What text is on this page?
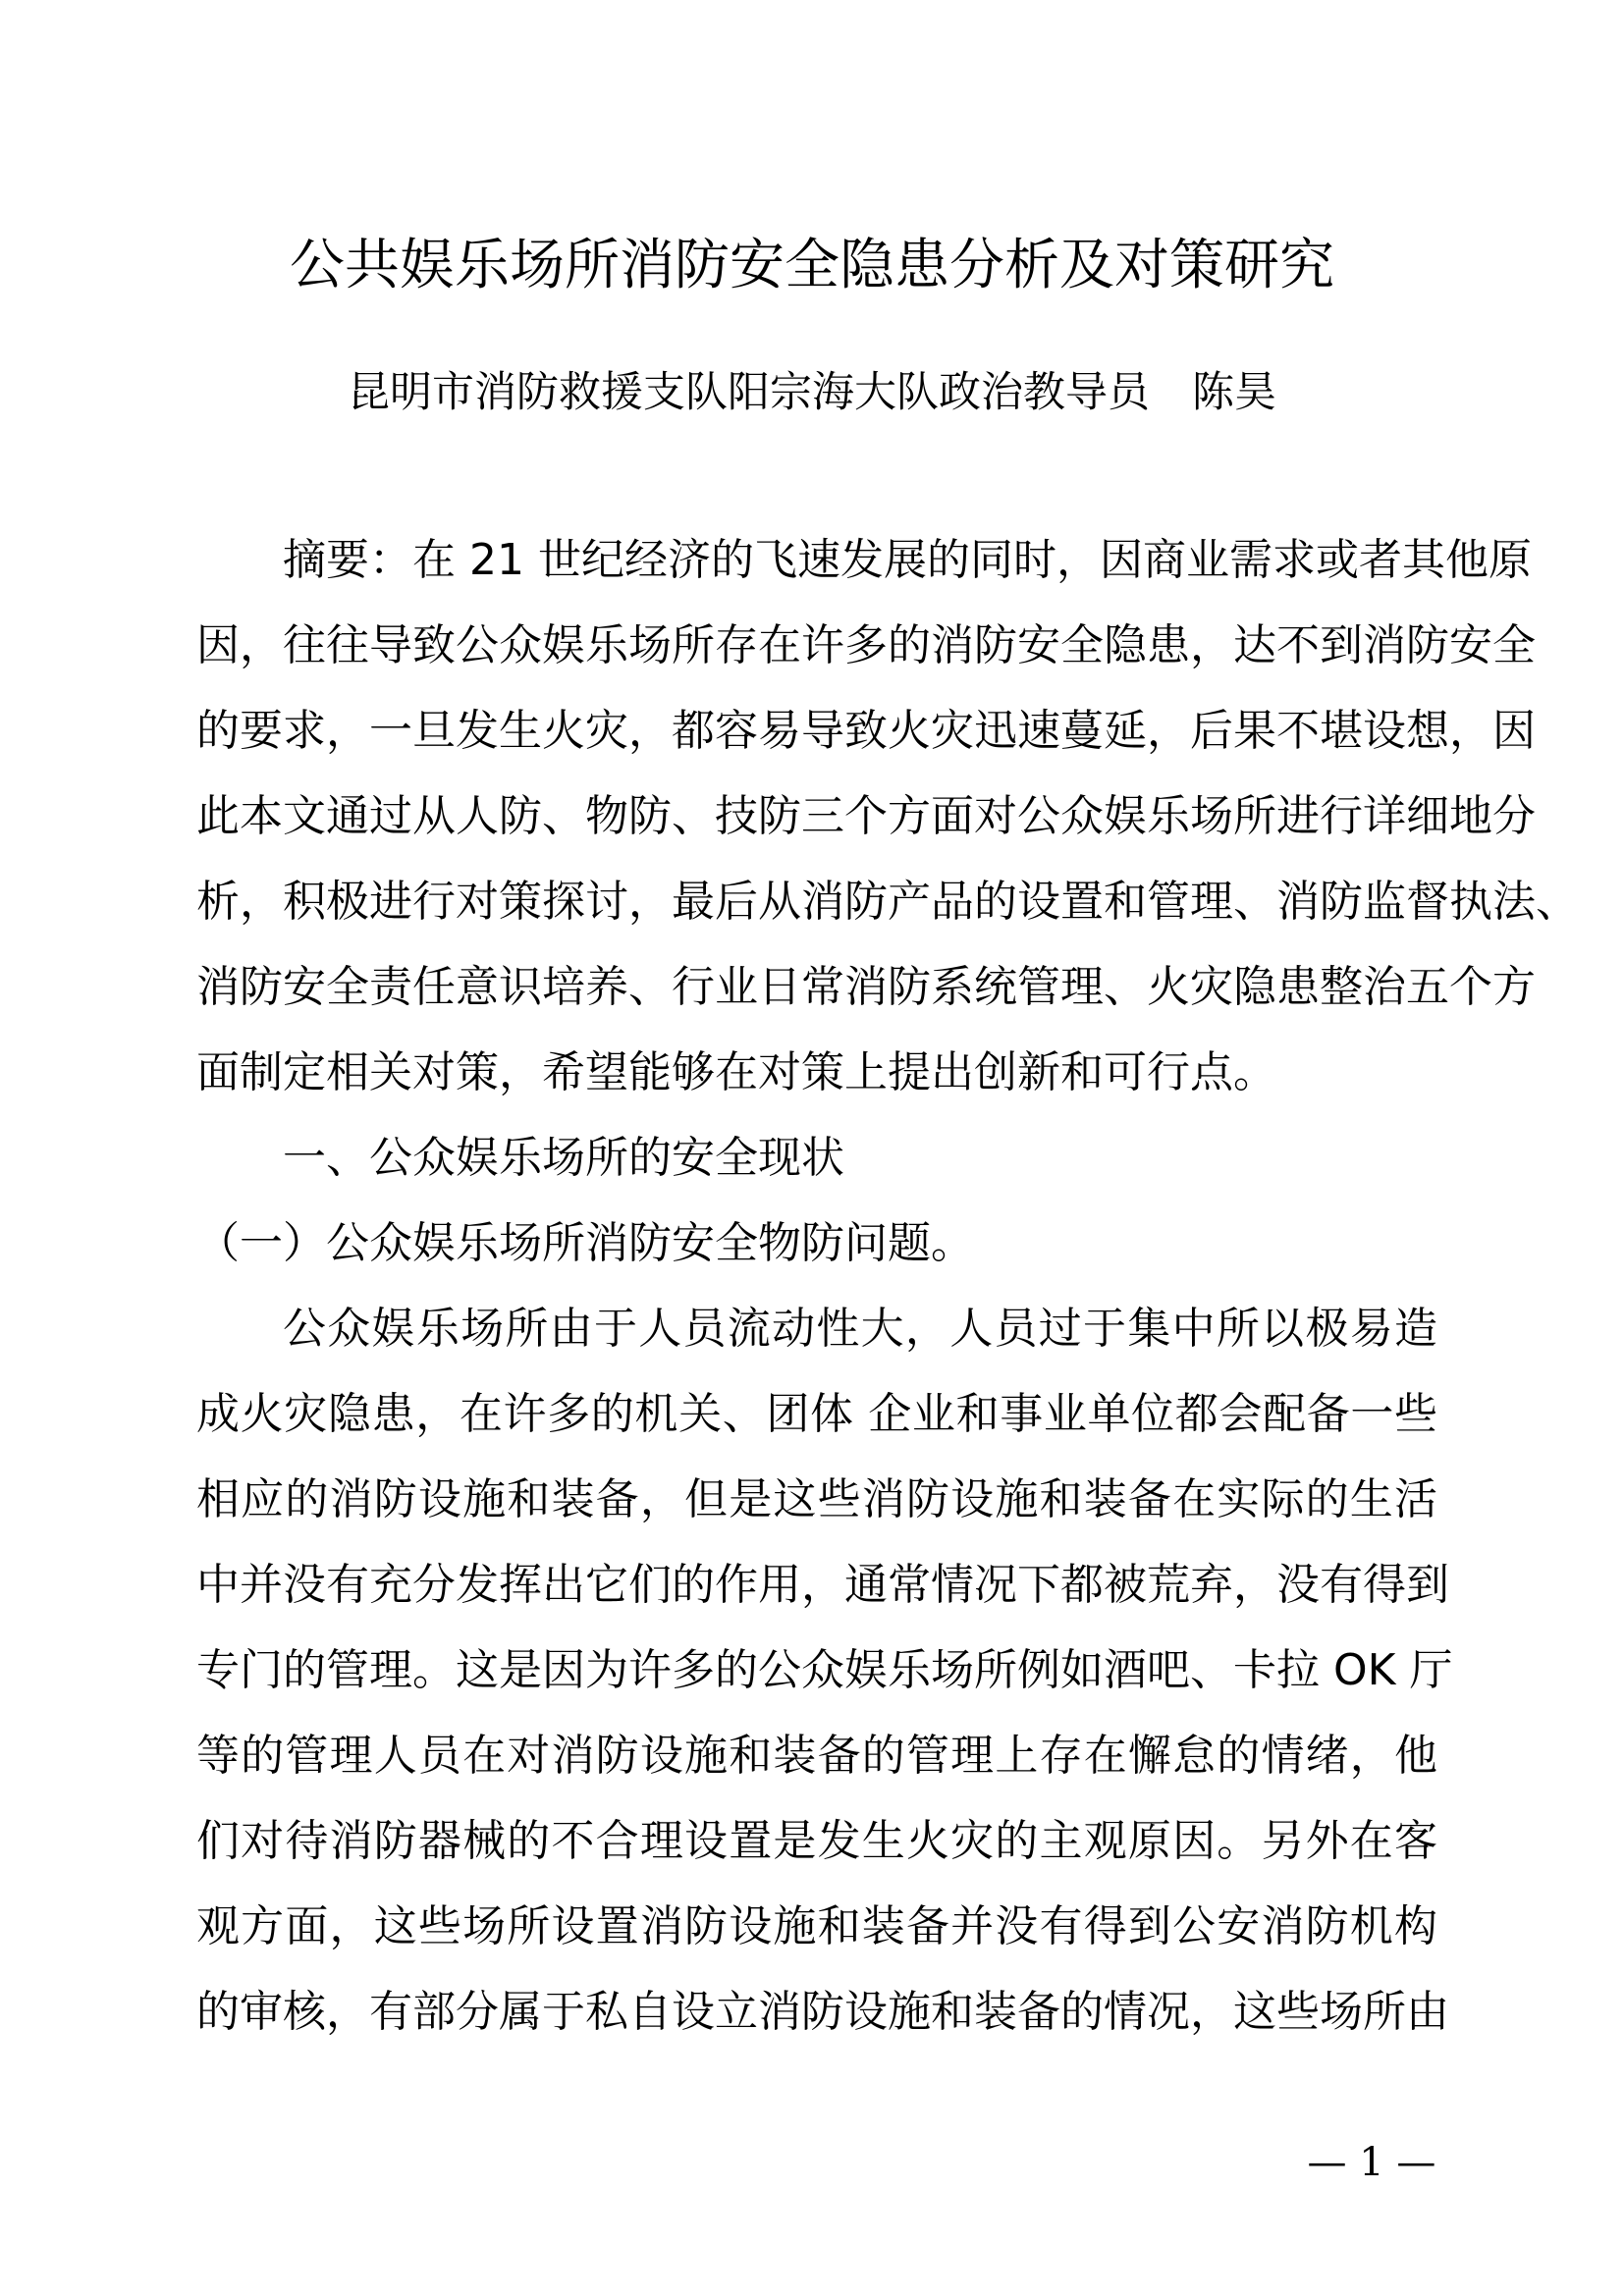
公共娱乐场所消防安全隐患分析及对策研究
昆明市消防救援支队阳宗海大队政治教导员　陈昊
摘要：在 21 世纪经济的飞速发展的同时，因商业需求或者其他原
因，往往导致公众娱乐场所存在许多的消防安全隐患，达不到消防安全
的要求，一旦发生火灾，都容易导致火灾迅速蔓延，后果不堪设想，因
此本文通过从人防、物防、技防三个方面对公众娱乐场所进行详细地分
析，积极进行对策探讨，最后从消防产品的设置和管理、消防监督执法、
消防安全责任意识培养、行业日常消防系统管理、火灾隐患整治五个方
面制定相关对策，希望能够在对策上提出创新和可行点。
一、公众娱乐场所的安全现状
（一）公众娱乐场所消防安全物防问题。
公众娱乐场所由于人员流动性大，人员过于集中所以极易造
成火灾隐患，在许多的机关、团体 企业和事业单位都会配备一些
相应的消防设施和装备，但是这些消防设施和装备在实际的生活
中并没有充分发挥出它们的作用，通常情况下都被荒弃，没有得到
专门的管理。这是因为许多的公众娱乐场所例如酒吧、卡拉 OK 厅
等的管理人员在对消防设施和装备的管理上存在懈怠的情绪，他
们对待消防器械的不合理设置是发生火灾的主观原因。另外在客
观方面，这些场所设置消防设施和装备并没有得到公安消防机构
的审核，有部分属于私自设立消防设施和装备的情况，这些场所由
— 1 —
